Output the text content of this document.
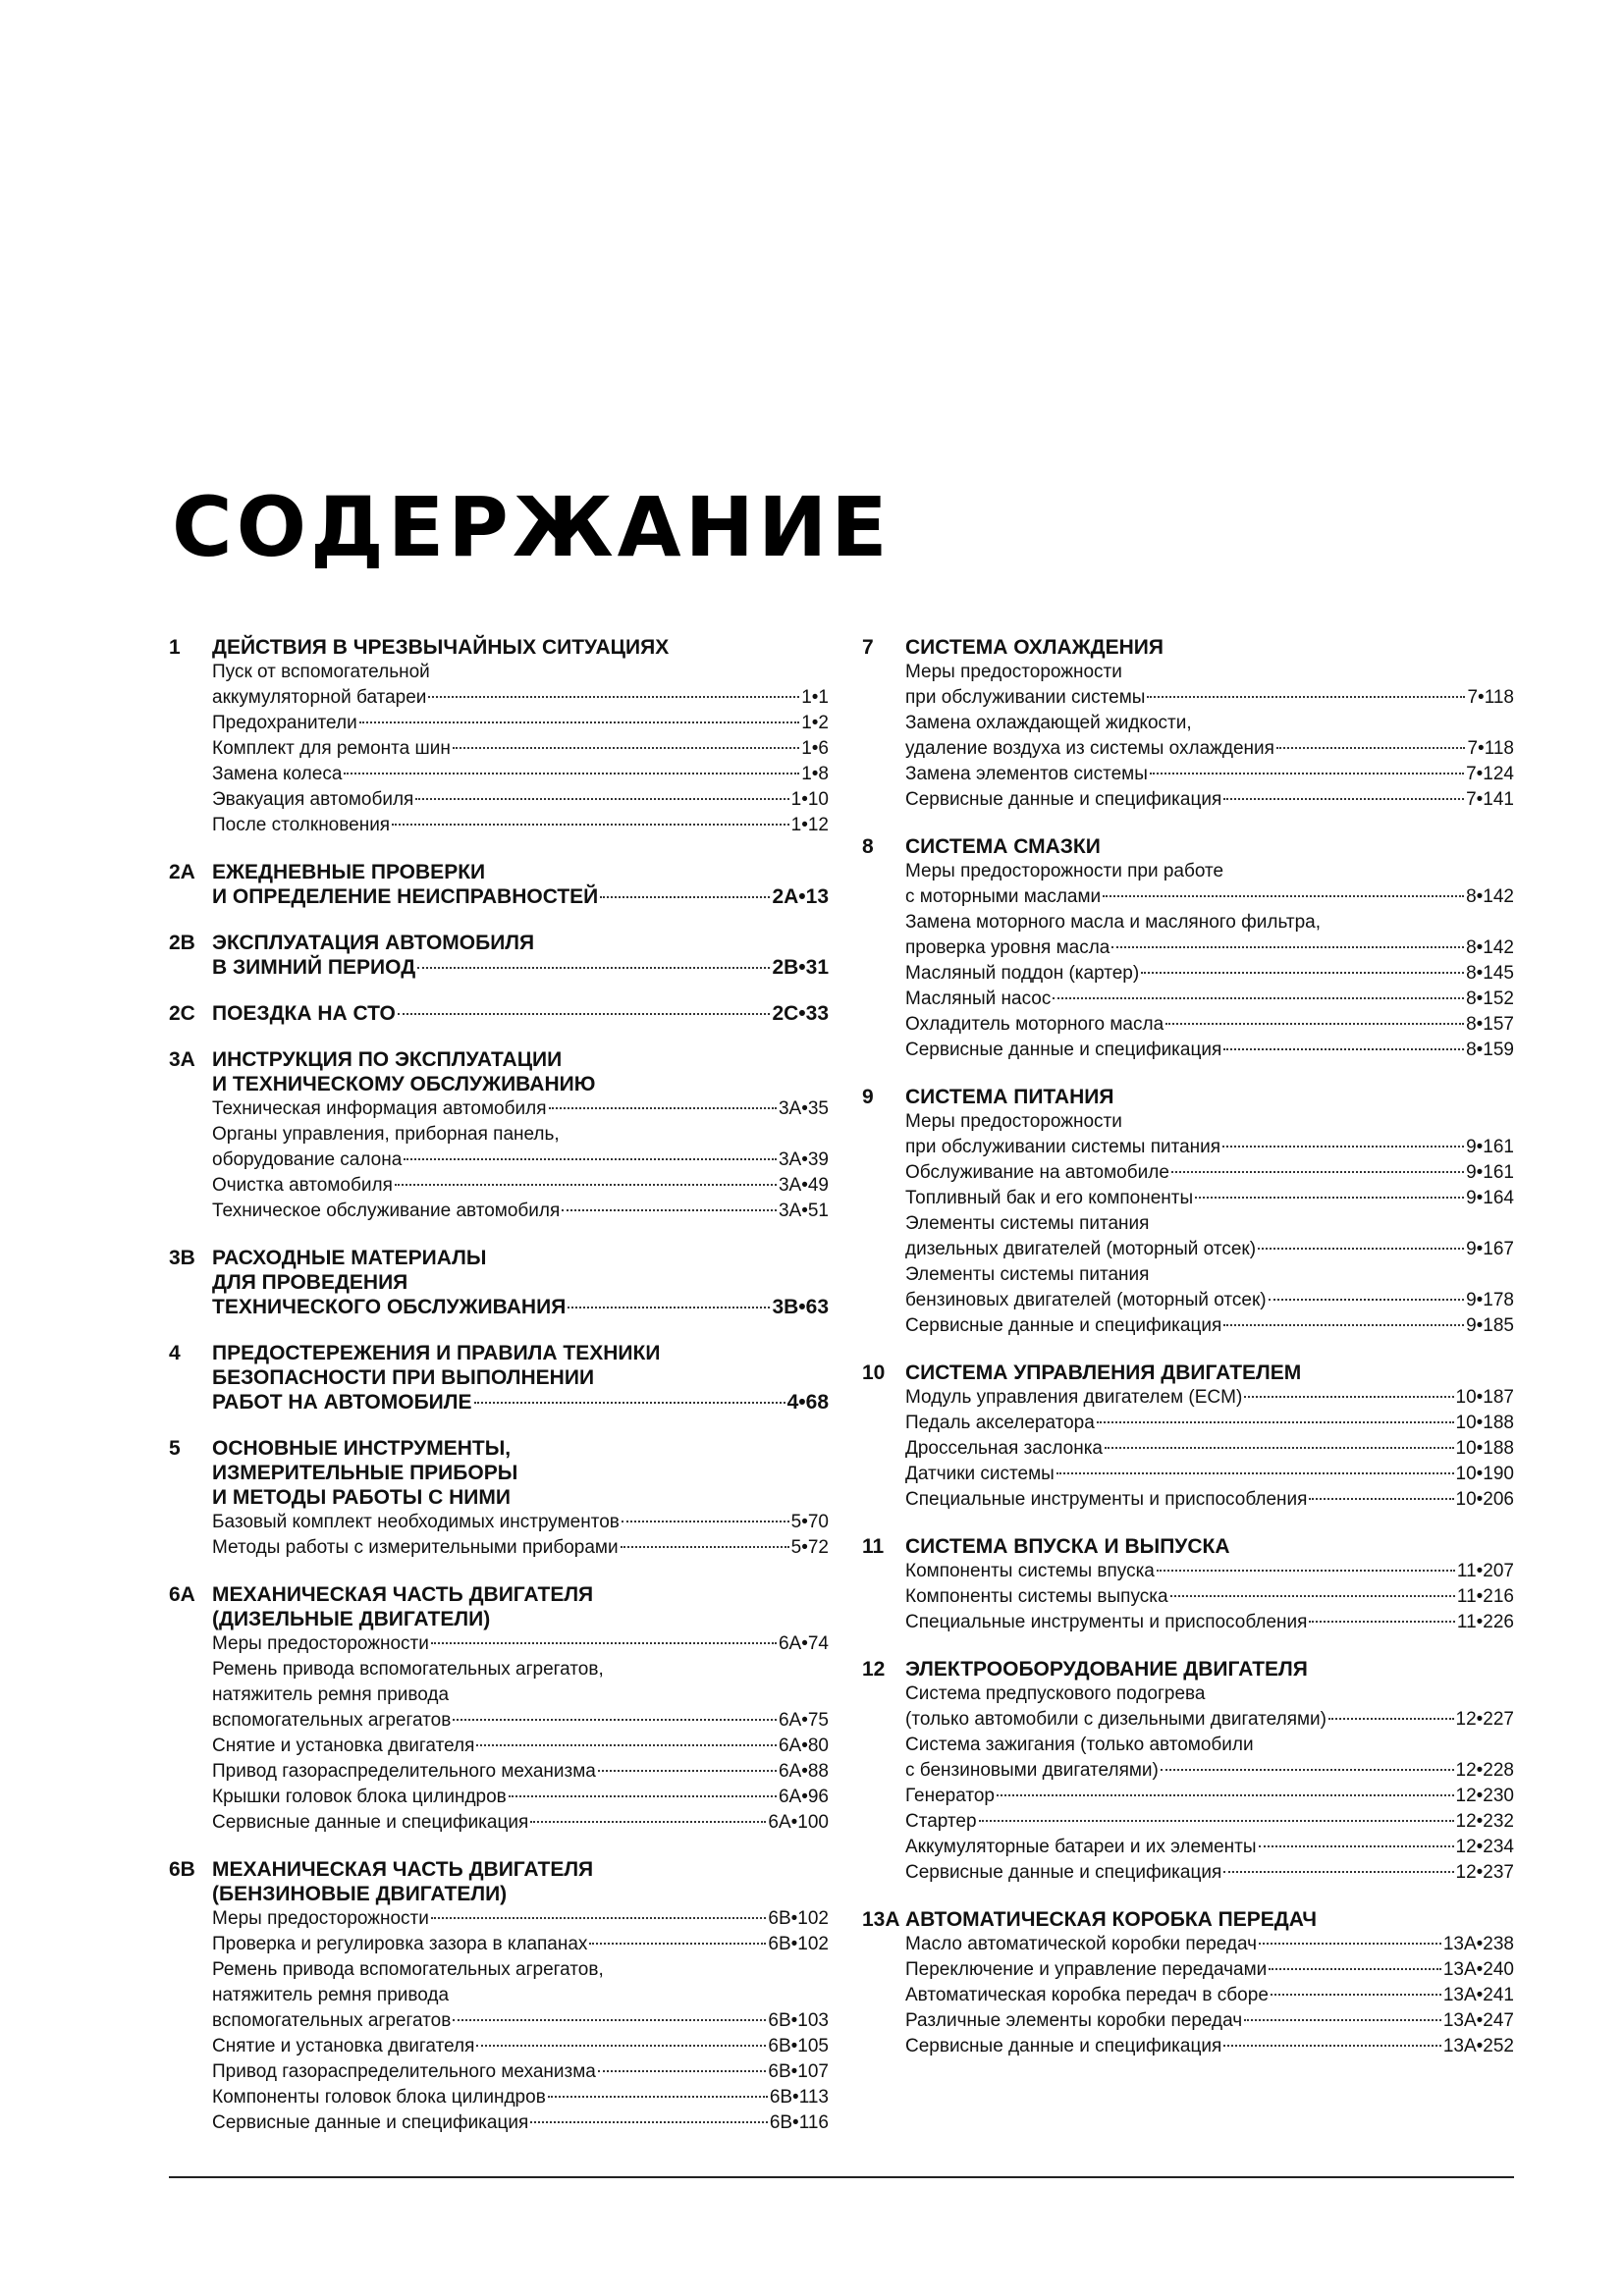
СОДЕРЖАНИЕ
1	ДЕЙСТВИЯ В ЧРЕЗВЫЧАЙНЫХ СИТУАЦИЯХ
Пуск от вспомогательной
аккумуляторной батареи	1•1
Предохранители	1•2
Комплект для ремонта шин	1•6
Замена колеса	1•8
Эвакуация автомобиля	1•10
После столкновения	1•12
2A ЕЖЕДНЕВНЫЕ ПРОВЕРКИ
И ОПРЕДЕЛЕНИЕ НЕИСПРАВНОСТЕЙ	2A•13
2B ЭКСПЛУАТАЦИЯ АВТОМОБИЛЯ
В ЗИМНИЙ ПЕРИОД	2B•31
2C ПОЕЗДКА НА СТО	2C•33
3A ИНСТРУКЦИЯ ПО ЭКСПЛУАТАЦИИ
И ТЕХНИЧЕСКОМУ ОБСЛУЖИВАНИЮ
Техническая информация автомобиля	3A•35
Органы управления, приборная панель,
оборудование салона	3A•39
Очистка автомобиля	3A•49
Техническое обслуживание автомобиля	3A•51
3B РАСХОДНЫЕ МАТЕРИАЛЫ
ДЛЯ ПРОВЕДЕНИЯ
ТЕХНИЧЕСКОГО ОБСЛУЖИВАНИЯ	3B•63
4	ПРЕДОСТЕРЕЖЕНИЯ И ПРАВИЛА ТЕХНИКИ
БЕЗОПАСНОСТИ ПРИ ВЫПОЛНЕНИИ
РАБОТ НА АВТОМОБИЛЕ	4•68
5	ОСНОВНЫЕ ИНСТРУМЕНТЫ,
ИЗМЕРИТЕЛЬНЫЕ ПРИБОРЫ
И МЕТОДЫ РАБОТЫ С НИМИ
Базовый комплект необходимых инструментов	5•70
Методы работы с измерительными приборами	5•72
6A МЕХАНИЧЕСКАЯ ЧАСТЬ ДВИГАТЕЛЯ
(ДИЗЕЛЬНЫЕ ДВИГАТЕЛИ)
Меры предосторожности	6A•74
Ремень привода вспомогательных агрегатов,
натяжитель ремня привода
вспомогательных агрегатов	6A•75
Снятие и установка двигателя	6A•80
Привод газораспределительного механизма	6A•88
Крышки головок блока цилиндров	6A•96
Сервисные данные и спецификация	6A•100
6B МЕХАНИЧЕСКАЯ ЧАСТЬ ДВИГАТЕЛЯ
(БЕНЗИНОВЫЕ ДВИГАТЕЛИ)
Меры предосторожности	6B•102
Проверка и регулировка зазора в клапанах	6B•102
Ремень привода вспомогательных агрегатов,
натяжитель ремня привода
вспомогательных агрегатов	6B•103
Снятие и установка двигателя	6B•105
Привод газораспределительного механизма	6B•107
Компоненты головок блока цилиндров	6B•113
Сервисные данные и спецификация	6B•116
7	СИСТЕМА ОХЛАЖДЕНИЯ
Меры предосторожности
при обслуживании системы	7•118
Замена охлаждающей жидкости,
удаление воздуха из системы охлаждения	7•118
Замена элементов системы	7•124
Сервисные данные и спецификация	7•141
8	СИСТЕМА СМАЗКИ
Меры предосторожности при работе
с моторными маслами	8•142
Замена моторного масла и масляного фильтра,
проверка уровня масла	8•142
Масляный поддон (картер)	8•145
Масляный насос	8•152
Охладитель моторного масла	8•157
Сервисные данные и спецификация	8•159
9	СИСТЕМА ПИТАНИЯ
Меры предосторожности
при обслуживании системы питания	9•161
Обслуживание на автомобиле	9•161
Топливный бак и его компоненты	9•164
Элементы системы питания
дизельных двигателей (моторный отсек)	9•167
Элементы системы питания
бензиновых двигателей (моторный отсек)	9•178
Сервисные данные и спецификация	9•185
10 СИСТЕМА УПРАВЛЕНИЯ ДВИГАТЕЛЕМ
Модуль управления двигателем (ECM)	10•187
Педаль акселератора	10•188
Дроссельная заслонка	10•188
Датчики системы	10•190
Специальные инструменты и приспособления	10•206
11	СИСТЕМА ВПУСКА И ВЫПУСКА
Компоненты системы впуска	11•207
Компоненты системы выпуска	11•216
Специальные инструменты и приспособления	11•226
12 ЭЛЕКТРООБОРУДОВАНИЕ ДВИГАТЕЛЯ
Система предпускового подогрева
(только автомобили с дизельными двигателями)	12•227
Система зажигания (только автомобили
с бензиновыми двигателями)	12•228
Генератор	12•230
Стартер	12•232
Аккумуляторные батареи и их элементы	12•234
Сервисные данные и спецификация	12•237
13A АВТОМАТИЧЕСКАЯ КОРОБКА ПЕРЕДАЧ
Масло автоматической коробки передач	13A•238
Переключение и управление передачами	13A•240
Автоматическая коробка передач в сборе	13A•241
Различные элементы коробки передач	13A•247
Сервисные данные и спецификация	13A•252
